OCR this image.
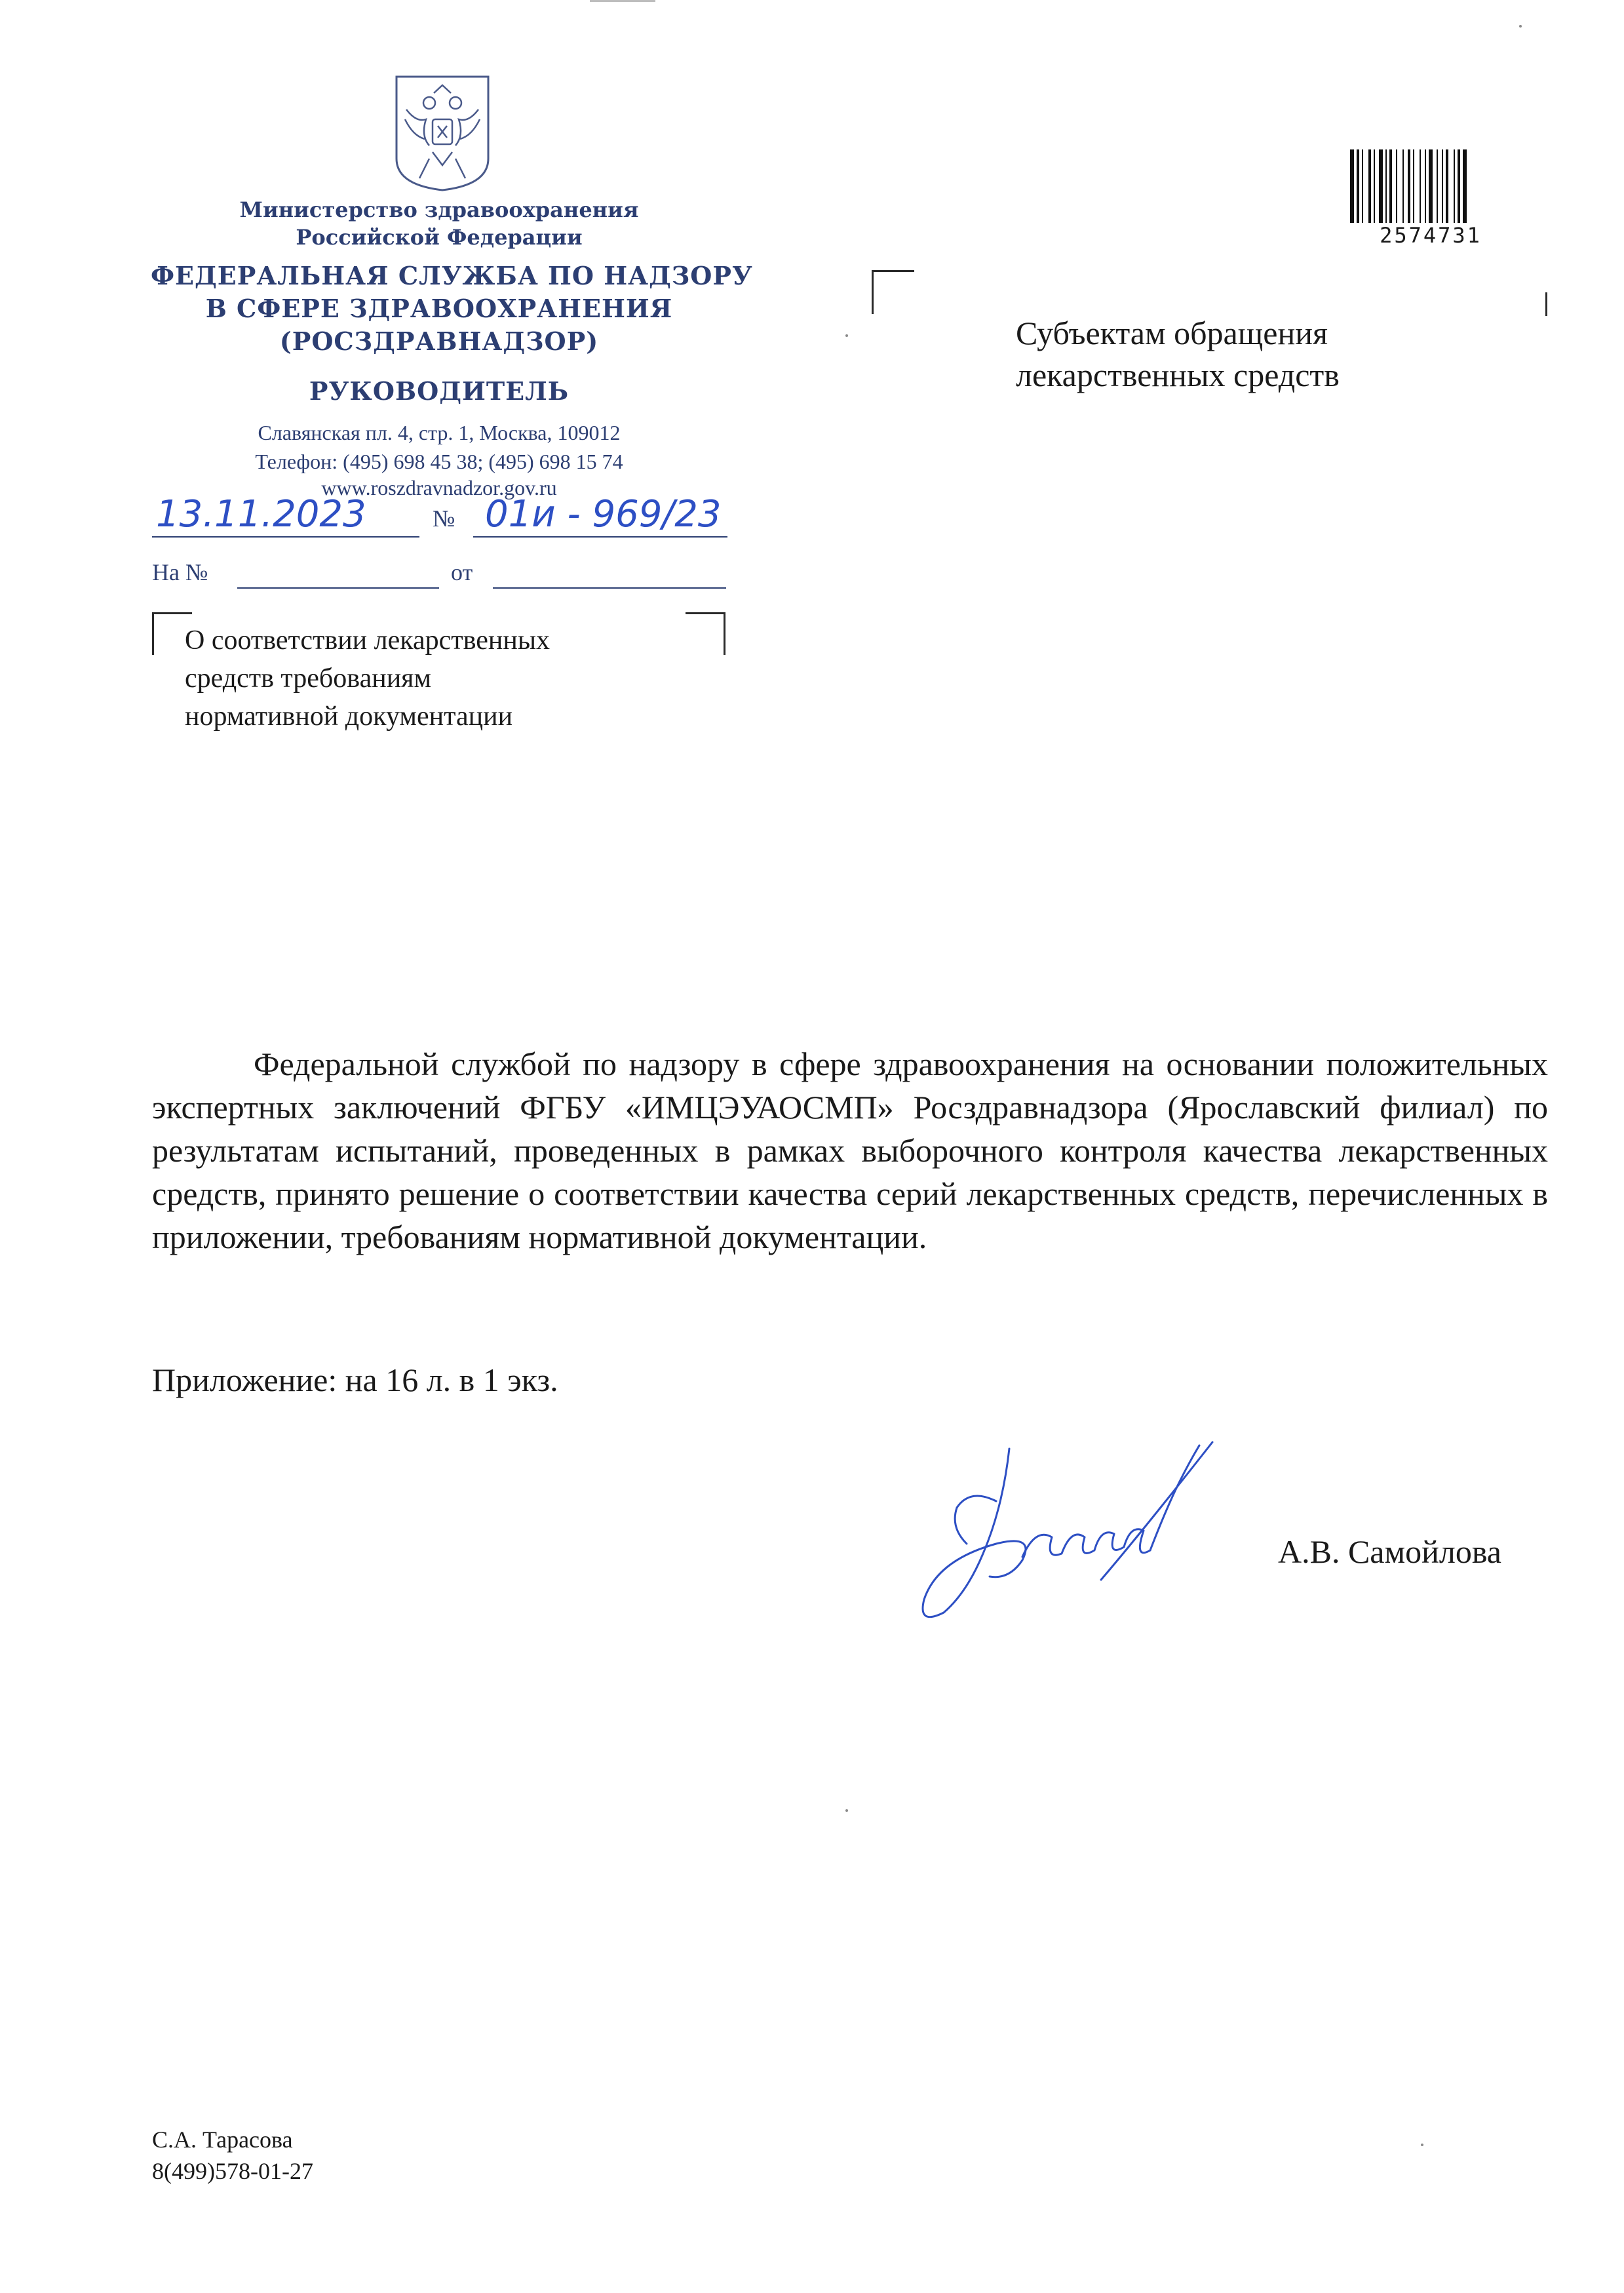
Министерство здравоохранения
Российской Федерации
ФЕДЕРАЛЬНАЯ СЛУЖБА ПО НАДЗОРУ
В СФЕРЕ ЗДРАВООХРАНЕНИЯ
(РОСЗДРАВНАДЗОР)
РУКОВОДИТЕЛЬ
Славянская пл. 4, стр. 1, Москва, 109012
Телефон: (495) 698 45 38; (495) 698 15 74
www.roszdravnadzor.gov.ru
13.11.2023	№ 01и - 969/23
На №	от
О соответствии лекарственных
средств требованиям
нормативной документации
Субъектам обращения
лекарственных средств
2574731
Федеральной службой по надзору в сфере здравоохранения на основании положительных экспертных заключений ФГБУ «ИМЦЭУАОСМП» Росздравнадзора (Ярославский филиал) по результатам испытаний, проведенных в рамках выборочного контроля качества лекарственных средств, принято решение о соответствии качества серий лекарственных средств, перечисленных в приложении, требованиям нормативной документации.
Приложение: на 16 л. в 1 экз.
А.В. Самойлова
С.А. Тарасова
8(499)578-01-27
